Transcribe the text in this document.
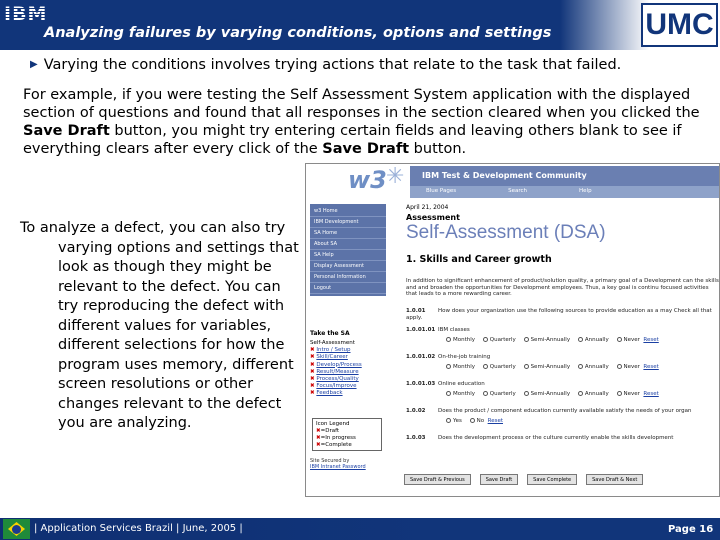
IBM
Analyzing failures by varying conditions, options and settings	UMC
▶ Varying the conditions involves trying actions that relate to the task that failed.
For example, if you were testing the Self Assessment System application with the displayed section of questions and found that all responses in the section cleared when you clicked the Save Draft button, you might try entering certain fields and leaving others blank to see if everything clears after every click of the Save Draft button.
To analyze a defect, you can also try varying options and settings that look as though they might be relevant to the defect. You can try reproducing the defect with different values for variables, different selections for how the program uses memory, different screen resolutions or other changes relevant to the defect you are analyzing.
w3 ✳	IBM Test & Development Community
Blue Pages	Search	Help
w3 Home
IBM Development
SA Home
About SA
SA Help
Display Assessment
Personal Information
Logout
Take the SA
Self-Assessment
✖ Intro / Setup
✖ Skill/Career
✖ Develop/Process
✖ Result/Measure
✖ Process/Quality
✖ Focus/Improve
✖ Feedback
Icon Legend
✖=Draft
✖=In progress
✖=Complete
Site Secured by
IBM Intranet Password
April 21, 2004
Assessment
Self-Assessment (DSA)
1. Skills and Career growth
In addition to significant enhancement of product/solution quality, a primary goal of a Development can the skills and and broaden the opportunities for Development employees. Thus, a key goal is continu focused activities that leads to a more rewarding career.
1.0.01 How does your organization use the following sources to provide education as a may Check all that apply.
1.0.01.01 IBM classes
Monthly	Quarterly	Semi-Annually	Annually	Never Reset
1.0.01.02 On-the-job training
Monthly	Quarterly	Semi-Annually	Annually	Never Reset
1.0.01.03 Online education
Monthly	Quarterly	Semi-Annually	Annually	Never Reset
1.0.02 Does the product / component education currently available satisfy the needs of your organ
Yes	No Reset
1.0.03 Does the development process or the culture currently enable the skills development
Save Draft & Previous	Save Draft	Save Complete	Save Draft & Next
| Application Services Brazil | June, 2005 |	Page 16
